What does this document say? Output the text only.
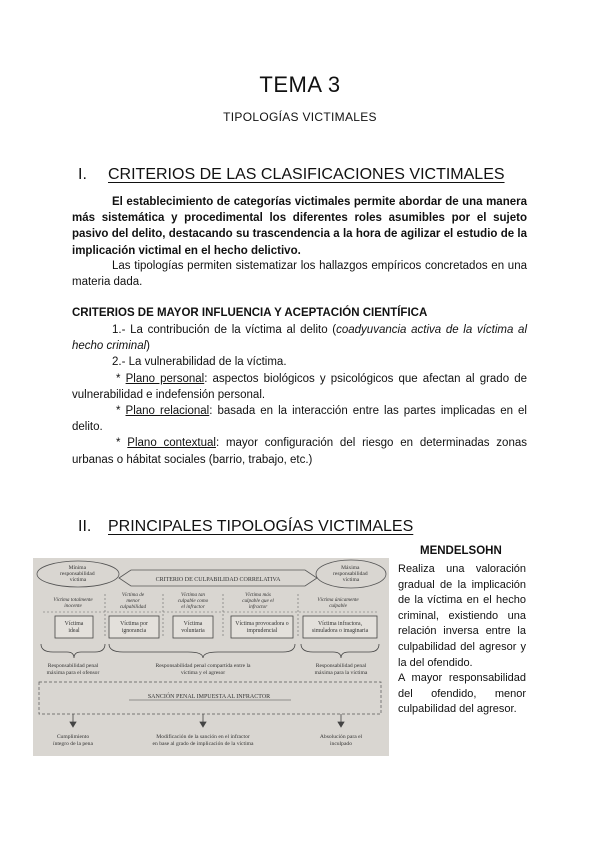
TEMA 3
TIPOLOGÍAS VICTIMALES
I. CRITERIOS DE LAS CLASIFICACIONES VICTIMALES
El establecimiento de categorías victimales permite abordar de una manera más sistemática y procedimental los diferentes roles asumibles por el sujeto pasivo del delito, destacando su trascendencia a la hora de agilizar el estudio de la implicación victimal en el hecho delictivo.
Las tipologías permiten sistematizar los hallazgos empíricos concretados en una materia dada.
CRITERIOS DE MAYOR INFLUENCIA Y ACEPTACIÓN CIENTÍFICA
1.- La contribución de la víctima al delito (coadyuvancia activa de la víctima al hecho criminal)
2.- La vulnerabilidad de la víctima.
* Plano personal: aspectos biológicos y psicológicos que afectan al grado de vulnerabilidad e indefensión personal.
* Plano relacional: basada en la interacción entre las partes implicadas en el delito.
* Plano contextual: mayor configuración del riesgo en determinadas zonas urbanas o hábitat sociales (barrio, trabajo, etc.)
II. PRINCIPALES TIPOLOGÍAS VICTIMALES
Mínima responsabilidad víctima
Máxima responsabilidad víctima
CRITERIO DE CULPABILIDAD CORRELATIVA
Víctima totalmente inocente
Víctima de menor culpabilidad
Víctima tan culpable como el infractor
Víctima más culpable que el infractor
Víctima únicamente culpable
Víctima ideal
Víctima por ignorancia
Víctima voluntaria
Víctima provocadora o imprudencial
Víctima infractora, simuladora o imaginaria
Responsabilidad penal máxima para el ofensor
Responsabilidad penal compartida entre la víctima y el agresor
Responsabilidad penal máxima para la víctima
SANCIÓN PENAL IMPUESTA AL INFRACTOR
Cumplimiento íntegro de la pena
Modificación de la sanción en el infractor en base al grado de implicación de la víctima
Absolución para el inculpado
MENDELSOHN
Realiza una valoración gradual de la implicación de la víctima en el hecho criminal, existiendo una relación inversa entre la culpabilidad del agresor y la del ofendido.
A mayor responsabilidad del ofendido, menor culpabilidad del agresor.
